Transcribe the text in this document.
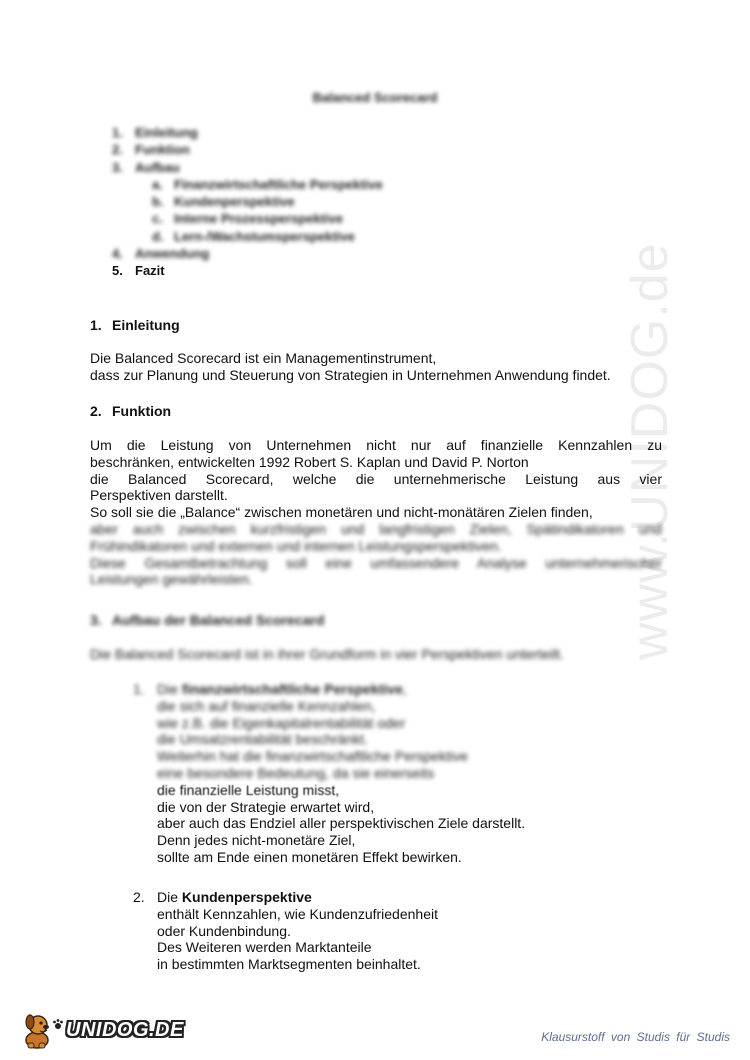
www.UNIDOG.de
Balanced Scorecard
1. Einleitung
2. Funktion
3. Aufbau
a. Finanzwirtschaftliche Perspektive
b. Kundenperspektive
c. Interne Prozessperspektive
d. Lern-/Wachstumsperspektive
4. Anwendung
5. Fazit
1. Einleitung
Die Balanced Scorecard ist ein Managementinstrument,
dass zur Planung und Steuerung von Strategien in Unternehmen Anwendung findet.
2. Funktion
Um die Leistung von Unternehmen nicht nur auf finanzielle Kennzahlen zu
beschränken, entwickelten 1992 Robert S. Kaplan und David P. Norton
die Balanced Scorecard, welche die unternehmerische Leistung aus vier
Perspektiven darstellt.
So soll sie die „Balance“ zwischen monetären und nicht-monätären Zielen finden,
aber auch zwischen kurzfristigen und langfristigen Zielen, Spätindikatoren und
Frühindikatoren und externen und internen Leistungsperspektiven.
Diese Gesamtbetrachtung soll eine umfassendere Analyse unternehmerischer
Leistungen gewährleisten.
3. Aufbau der Balanced Scorecard
Die Balanced Scorecard ist in ihrer Grundform in vier Perspektiven unterteilt.
1. Die finanzwirtschaftliche Perspektive,
die sich auf finanzielle Kennzahlen,
wie z.B. die Eigenkapitalrentabilität oder
die Umsatzrentabilität beschränkt.
Weiterhin hat die finanzwirtschaftliche Perspektive
eine besondere Bedeutung, da sie einerseits
die finanzielle Leistung misst,
die von der Strategie erwartet wird,
aber auch das Endziel aller perspektivischen Ziele darstellt.
Denn jedes nicht-monetäre Ziel,
sollte am Ende einen monetären Effekt bewirken.
2. Die Kundenperspektive
enthält Kennzahlen, wie Kundenzufriedenheit
oder Kundenbindung.
Des Weiteren werden Marktanteile
in bestimmten Marktsegmenten beinhaltet.
UNIDOG.DE	Klausurstoff von Studis für Studis
